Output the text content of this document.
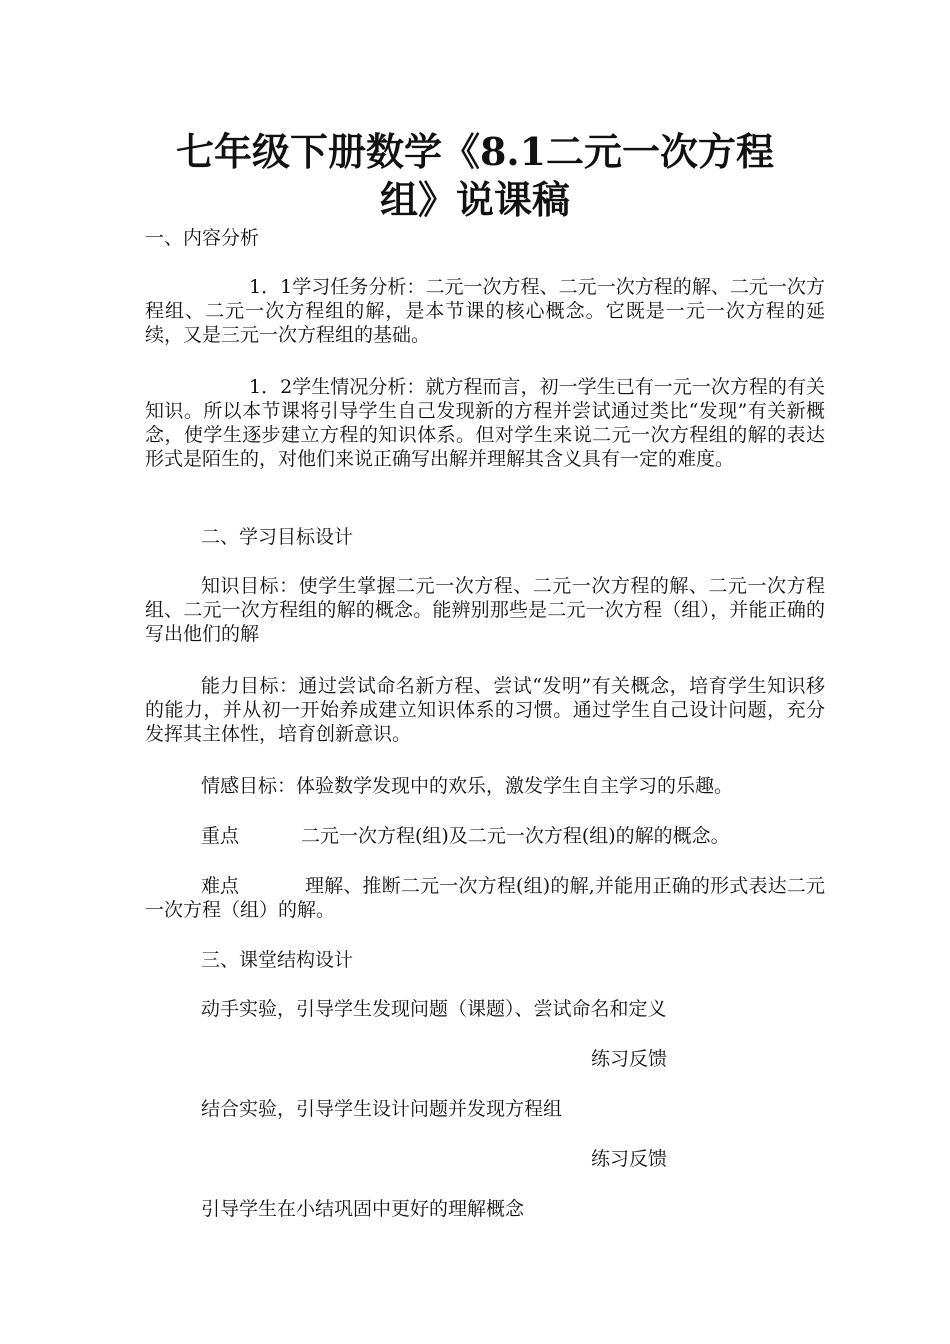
七年级下册数学《8.1二元一次方程
组》说课稿
一、内容分析
1．1学习任务分析：二元一次方程、二元一次方程的解、二元一次方程组、二元一次方程组的解，是本节课的核心概念。它既是一元一次方程的延续，又是三元一次方程组的基础。
1．2学生情况分析：就方程而言，初一学生已有一元一次方程的有关知识。所以本节课将引导学生自己发现新的方程并尝试通过类比“发现”有关新概念，使学生逐步建立方程的知识体系。但对学生来说二元一次方程组的解的表达形式是陌生的，对他们来说正确写出解并理解其含义具有一定的难度。
二、学习目标设计
知识目标：使学生掌握二元一次方程、二元一次方程的解、二元一次方程组、二元一次方程组的解的概念。能辨别那些是二元一次方程（组），并能正确的写出他们的解
能力目标：通过尝试命名新方程、尝试“发明”有关概念，培育学生知识移的能力，并从初一开始养成建立知识体系的习惯。通过学生自己设计问题，充分发挥其主体性，培育创新意识。
情感目标：体验数学发现中的欢乐，激发学生自主学习的乐趣。
重点	二元一次方程(组)及二元一次方程(组)的解的概念。
理解、推断二元一次方程(组)的解,并能用正确的形式表达二元一次方程（组）的解。
难点
三、课堂结构设计
动手实验，引导学生发现问题（课题）、尝试命名和定义
练习反馈
结合实验，引导学生设计问题并发现方程组
练习反馈
引导学生在小结巩固中更好的理解概念
